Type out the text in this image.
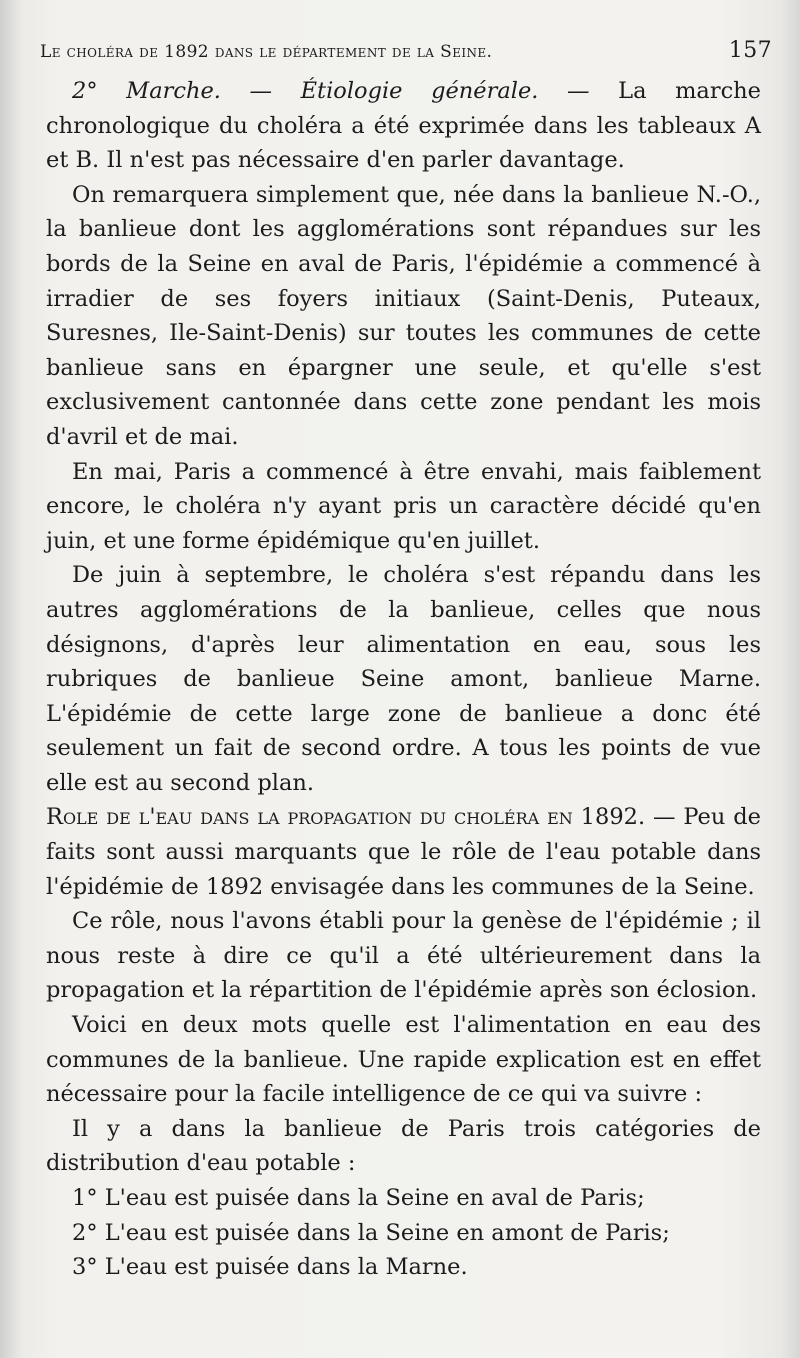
Le choléra de 1892 dans le département de la Seine.	157

2° Marche. — Étiologie générale. — La marche chronologique du choléra a été exprimée dans les tableaux A et B. Il n'est pas nécessaire d'en parler davantage.

On remarquera simplement que, née dans la banlieue N.-O., la banlieue dont les agglomérations sont répandues sur les bords de la Seine en aval de Paris, l'épidémie a commencé à irradier de ses foyers initiaux (Saint-Denis, Puteaux, Suresnes, Ile-Saint-Denis) sur toutes les communes de cette banlieue sans en épargner une seule, et qu'elle s'est exclusivement cantonnée dans cette zone pendant les mois d'avril et de mai.

En mai, Paris a commencé à être envahi, mais faiblement encore, le choléra n'y ayant pris un caractère décidé qu'en juin, et une forme épidémique qu'en juillet.

De juin à septembre, le choléra s'est répandu dans les autres agglomérations de la banlieue, celles que nous désignons, d'après leur alimentation en eau, sous les rubriques de banlieue Seine amont, banlieue Marne. L'épidémie de cette large zone de banlieue a donc été seulement un fait de second ordre. A tous les points de vue elle est au second plan.

Role de l'eau dans la propagation du choléra en 1892. — Peu de faits sont aussi marquants que le rôle de l'eau potable dans l'épidémie de 1892 envisagée dans les communes de la Seine.

Ce rôle, nous l'avons établi pour la genèse de l'épidémie ; il nous reste à dire ce qu'il a été ultérieurement dans la propagation et la répartition de l'épidémie après son éclosion.

Voici en deux mots quelle est l'alimentation en eau des communes de la banlieue. Une rapide explication est en effet nécessaire pour la facile intelligence de ce qui va suivre :

Il y a dans la banlieue de Paris trois catégories de distribution d'eau potable :

1° L'eau est puisée dans la Seine en aval de Paris;

2° L'eau est puisée dans la Seine en amont de Paris;

3° L'eau est puisée dans la Marne.
